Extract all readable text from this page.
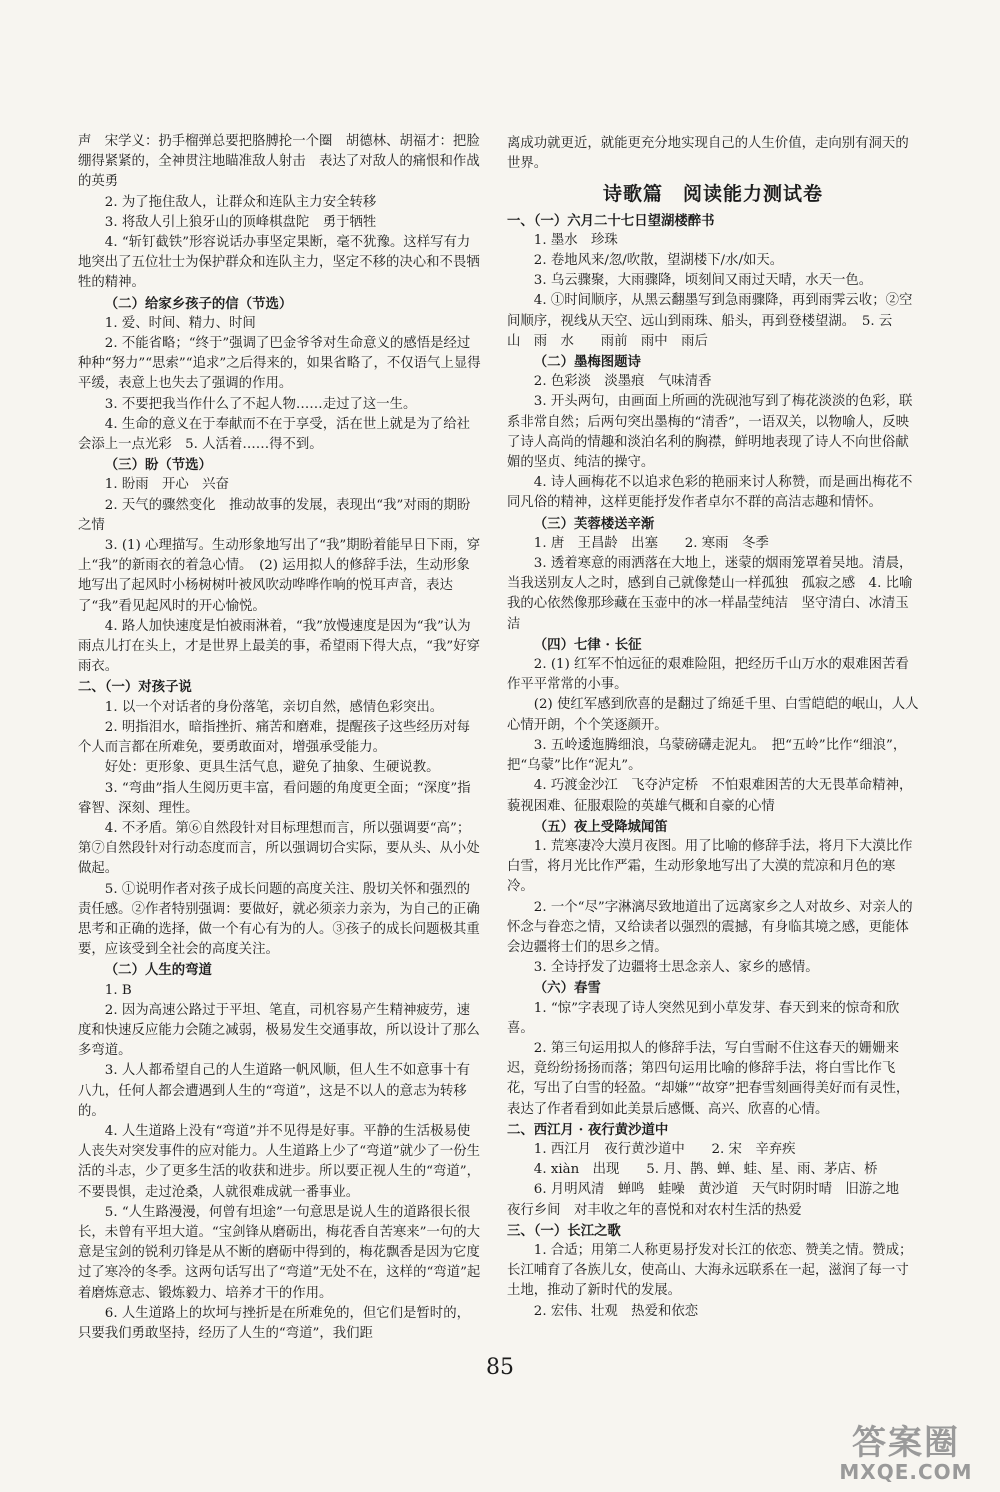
声　宋学义：扔手榴弹总要把胳膊抡一个圈　胡德林、胡福才：把脸绷得紧紧的，全神贯注地瞄准敌人射击　表达了对敌人的痛恨和作战的英勇

2. 为了拖住敌人，让群众和连队主力安全转移

3. 将敌人引上狼牙山的顶峰棋盘陀　勇于牺牲

4. “斩钉截铁”形容说话办事坚定果断，毫不犹豫。这样写有力地突出了五位壮士为保护群众和连队主力，坚定不移的决心和不畏牺牲的精神。

（二）给家乡孩子的信（节选）

1. 爱、时间、精力、时间

2. 不能省略；“终于”强调了巴金爷爷对生命意义的感悟是经过种种“努力”“思索”“追求”之后得来的，如果省略了，不仅语气上显得平缓，表意上也失去了强调的作用。

3. 不要把我当作什么了不起人物……走过了这一生。

4. 生命的意义在于奉献而不在于享受，活在世上就是为了给社会添上一点光彩　5. 人活着……得不到。

（三）盼（节选）

1. 盼雨　开心　兴奋

2. 天气的骤然变化　推动故事的发展，表现出“我”对雨的期盼之情

3. (1) 心理描写。生动形象地写出了“我”期盼着能早日下雨，穿上“我”的新雨衣的着急心情。　(2) 运用拟人的修辞手法，生动形象地写出了起风时小杨树树叶被风吹动哗哗作响的悦耳声音，表达了“我”看见起风时的开心愉悦。

4. 路人加快速度是怕被雨淋着，“我”放慢速度是因为“我”认为雨点儿打在头上，才是世界上最美的事，希望雨下得大点，“我”好穿雨衣。

二、（一）对孩子说

1. 以一个对话者的身份落笔，亲切自然，感情色彩突出。

2. 明指泪水，暗指挫折、痛苦和磨难，提醒孩子这些经历对每个人而言都在所难免，要勇敢面对，增强承受能力。

好处：更形象、更具生活气息，避免了抽象、生硬说教。

3. “弯曲”指人生阅历更丰富，看问题的角度更全面；“深度”指睿智、深刻、理性。

4. 不矛盾。第⑥自然段针对目标理想而言，所以强调要“高”；第⑦自然段针对行动态度而言，所以强调切合实际，要从头、从小处做起。

5. ①说明作者对孩子成长问题的高度关注、殷切关怀和强烈的责任感。②作者特别强调：要做好，就必须亲力亲为，为自己的正确思考和正确的选择，做一个有心有为的人。③孩子的成长问题极其重要，应该受到全社会的高度关注。

（二）人生的弯道

1. B

2. 因为高速公路过于平坦、笔直，司机容易产生精神疲劳，速度和快速反应能力会随之减弱，极易发生交通事故，所以设计了那么多弯道。

3. 人人都希望自己的人生道路一帆风顺，但人生不如意事十有八九，任何人都会遭遇到人生的“弯道”，这是不以人的意志为转移的。

4. 人生道路上没有“弯道”并不见得是好事。平静的生活极易使人丧失对突发事件的应对能力。人生道路上少了“弯道”就少了一份生活的斗志，少了更多生活的收获和进步。所以要正视人生的“弯道”，不要畏惧，走过沧桑，人就很难成就一番事业。

5. “人生路漫漫，何曾有坦途”一句意思是说人生的道路很长很长，未曾有平坦大道。“宝剑锋从磨砺出，梅花香自苦寒来”一句的大意是宝剑的锐利刃锋是从不断的磨砺中得到的，梅花飘香是因为它度过了寒冷的冬季。这两句话写出了“弯道”无处不在，这样的“弯道”起着磨炼意志、锻炼毅力、培养才干的作用。

6. 人生道路上的坎坷与挫折是在所难免的，但它们是暂时的，只要我们勇敢坚持，经历了人生的“弯道”，我们距

离成功就更近，就能更充分地实现自己的人生价值，走向别有洞天的世界。

诗歌篇　阅读能力测试卷

一、（一）六月二十七日望湖楼醉书

1. 墨水　珍珠

2. 卷地风来/忽/吹散，望湖楼下/水/如天。

3. 乌云骤聚，大雨骤降，顷刻间又雨过天晴，水天一色。

4. ①时间顺序，从黑云翻墨写到急雨骤降，再到雨霁云收；②空间顺序，视线从天空、远山到雨珠、船头，再到登楼望湖。　5. 云　山　雨　水　　雨前　雨中　雨后

（二）墨梅图题诗

2. 色彩淡　淡墨痕　气味清香

3. 开头两句，由画面上所画的洗砚池写到了梅花淡淡的色彩，联系非常自然；后两句突出墨梅的“清香”，一语双关，以物喻人，反映了诗人高尚的情趣和淡泊名利的胸襟，鲜明地表现了诗人不向世俗献媚的坚贞、纯洁的操守。

4. 诗人画梅花不以追求色彩的艳丽来讨人称赞，而是画出梅花不同凡俗的精神，这样更能抒发作者卓尔不群的高洁志趣和情怀。

（三）芙蓉楼送辛渐

1. 唐　王昌龄　出塞　　2. 寒雨　冬季

3. 透着寒意的雨洒落在大地上，迷蒙的烟雨笼罩着吴地。清晨，当我送别友人之时，感到自己就像楚山一样孤独　孤寂之感　4. 比喻　我的心依然像那珍藏在玉壶中的冰一样晶莹纯洁　坚守清白、冰清玉洁

（四）七律 · 长征

2. (1) 红军不怕远征的艰难险阻，把经历千山万水的艰难困苦看作平平常常的小事。

(2) 使红军感到欣喜的是翻过了绵延千里、白雪皑皑的岷山，人人心情开朗，个个笑逐颜开。

3. 五岭逶迤腾细浪，乌蒙磅礴走泥丸。　把“五岭”比作“细浪”，把“乌蒙”比作“泥丸”。

4. 巧渡金沙江　飞夺泸定桥　不怕艰难困苦的大无畏革命精神，藐视困难、征服艰险的英雄气概和自豪的心情

（五）夜上受降城闻笛

1. 荒寒凄冷大漠月夜图。用了比喻的修辞手法，将月下大漠比作白雪，将月光比作严霜，生动形象地写出了大漠的荒凉和月色的寒冷。

2. 一个“尽”字淋漓尽致地道出了远离家乡之人对故乡、对亲人的怀念与眷恋之情，又给读者以强烈的震撼，有身临其境之感，更能体会边疆将士们的思乡之情。

3. 全诗抒发了边疆将士思念亲人、家乡的感情。

（六）春雪

1. “惊”字表现了诗人突然见到小草发芽、春天到来的惊奇和欣喜。

2. 第三句运用拟人的修辞手法，写白雪耐不住这春天的姗姗来迟，竟纷纷扬扬而落；第四句运用比喻的修辞手法，将白雪比作飞花，写出了白雪的轻盈。“却嫌”“故穿”把春雪刻画得美好而有灵性，表达了作者看到如此美景后感慨、高兴、欣喜的心情。

二、西江月 · 夜行黄沙道中

1. 西江月　夜行黄沙道中　　2. 宋　辛弃疾

4. xiàn　出现　　5. 月、鹊、蝉、蛙、星、雨、茅店、桥

6. 月明风清　蝉鸣　蛙噪　黄沙道　天气时阴时晴　旧游之地　夜行乡间　对丰收之年的喜悦和对农村生活的热爱

三、（一）长江之歌

1. 合适；用第二人称更易抒发对长江的依恋、赞美之情。赞成；长江哺育了各族儿女，使高山、大海永远联系在一起，滋润了每一寸土地，推动了新时代的发展。

2. 宏伟、壮观　热爱和依恋

85
答案圈
MXQE.COM
